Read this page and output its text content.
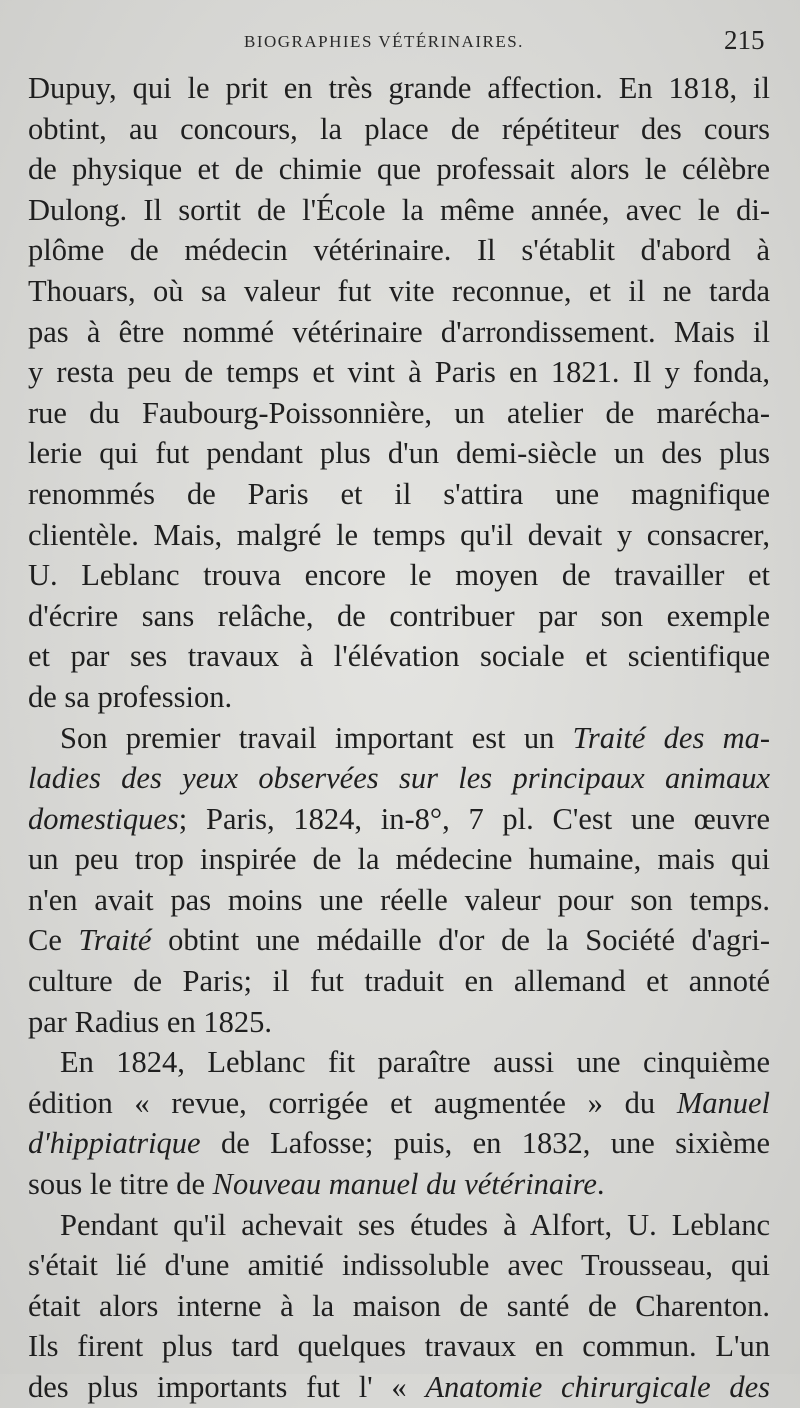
BIOGRAPHIES VÉTÉRINAIRES.	215

Dupuy, qui le prit en très grande affection. En 1818, il
obtint, au concours, la place de répétiteur des cours
de physique et de chimie que professait alors le célèbre
Dulong. Il sortit de l'École la même année, avec le di-
plôme de médecin vétérinaire. Il s'établit d'abord à
Thouars, où sa valeur fut vite reconnue, et il ne tarda
pas à être nommé vétérinaire d'arrondissement. Mais il
y resta peu de temps et vint à Paris en 1821. Il y fonda,
rue du Faubourg-Poissonnière, un atelier de maréchа-
lerie qui fut pendant plus d'un demi-siècle un des plus
renommés de Paris et il s'attira une magnifique
clientèle. Mais, malgré le temps qu'il devait y consacrer,
U. Leblanc trouva encore le moyen de travailler et
d'écrire sans relâche, de contribuer par son exemple
et par ses travaux à l'élévation sociale et scientifique
de sa profession.

Son premier travail important est un Traité des ma-
ladies des yeux observées sur les principaux animaux
domestiques; Paris, 1824, in-8°, 7 pl. C'est une œuvre
un peu trop inspirée de la médecine humaine, mais qui
n'en avait pas moins une réelle valeur pour son temps.
Ce Traité obtint une médaille d'or de la Société d'agri-
culture de Paris; il fut traduit en allemand et annoté
par Radius en 1825.

En 1824, Leblanc fit paraître aussi une cinquième
édition « revue, corrigée et augmentée » du Manuel
d'hippiatrique de Lafosse; puis, en 1832, une sixième
sous le titre de Nouveau manuel du vétérinaire.

Pendant qu'il achevait ses études à Alfort, U. Leblanc
s'était lié d'une amitié indissoluble avec Trousseau, qui
était alors interne à la maison de santé de Charenton.
Ils firent plus tard quelques travaux en commun. L'un
des plus importants fut l' « Anatomie chirurgicale des
